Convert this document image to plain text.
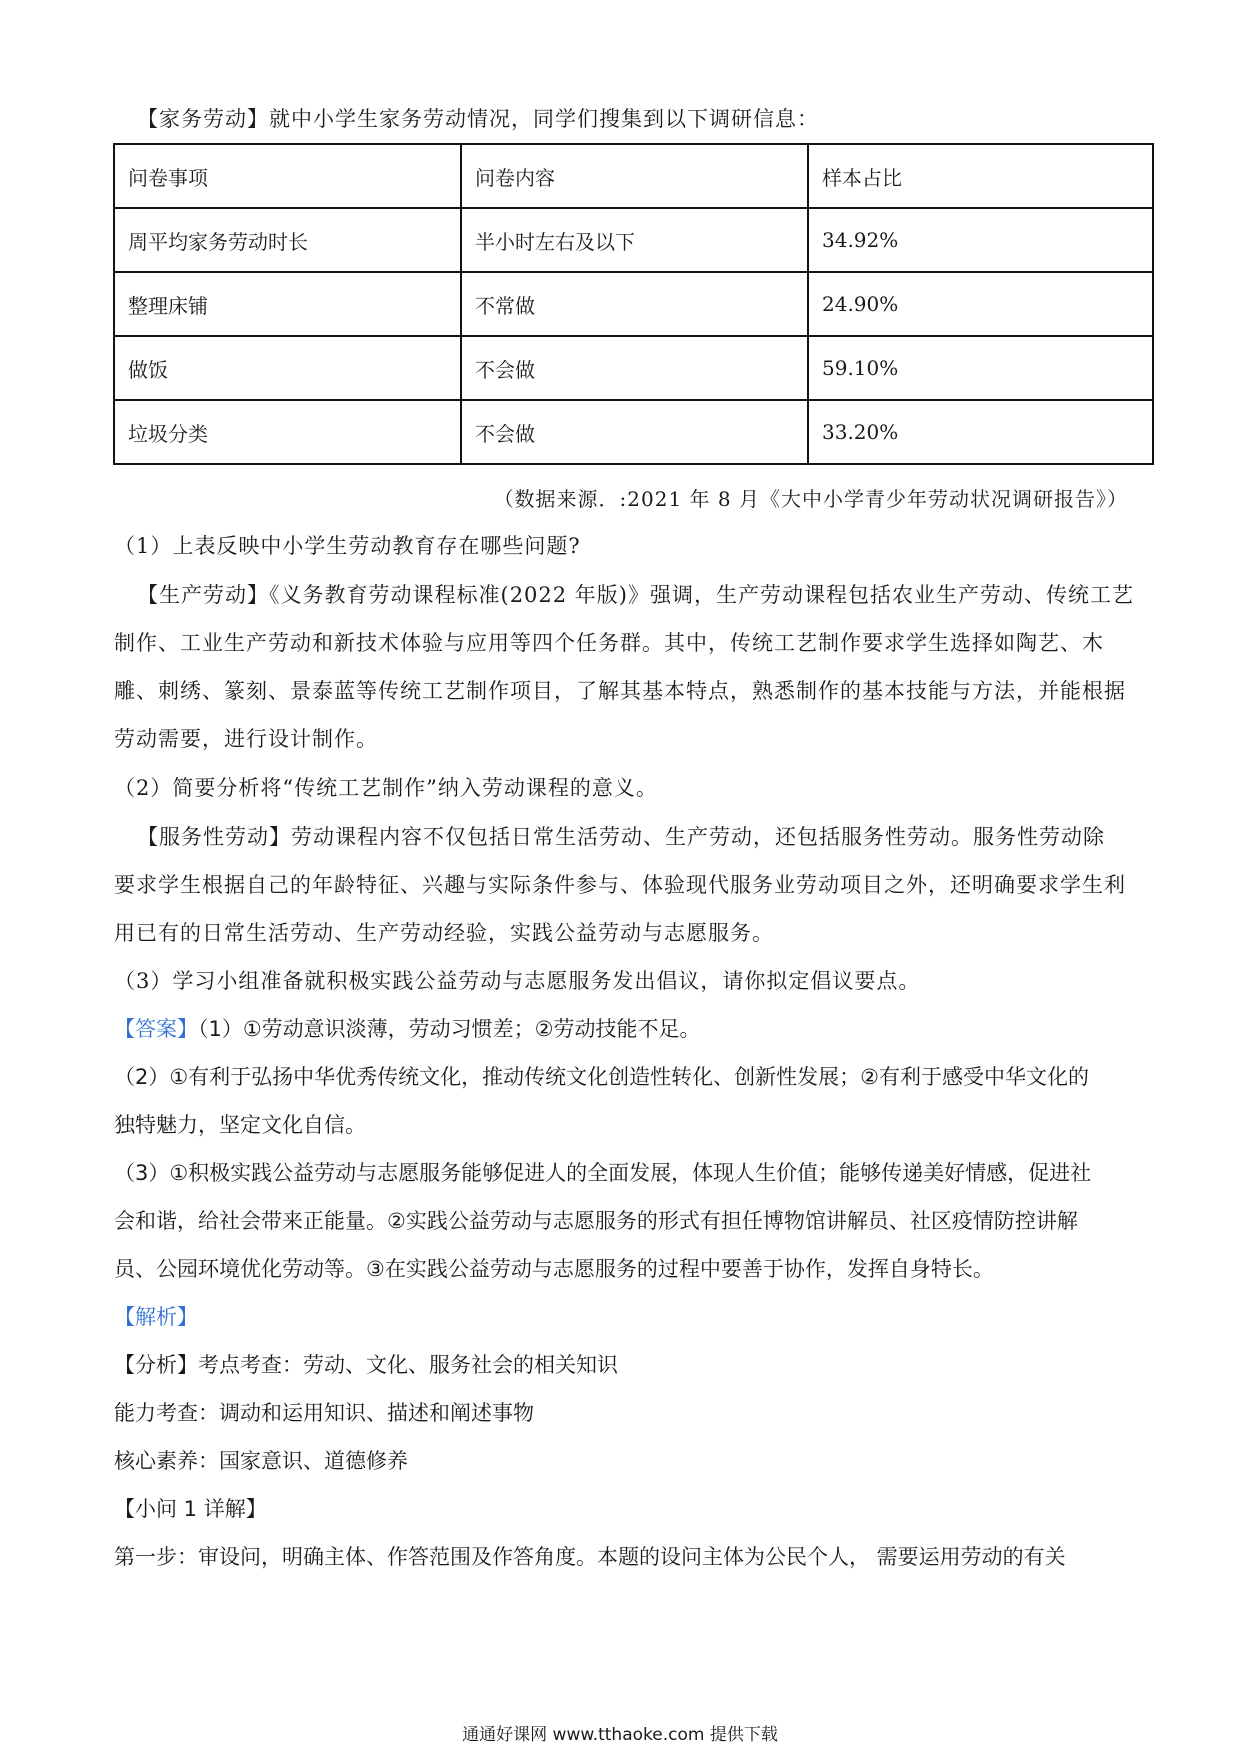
【家务劳动】就中小学生家务劳动情况，同学们搜集到以下调研信息：
问卷事项	问卷内容	样本占比
周平均家务劳动时长	半小时左右及以下	34.92%
整理床铺	不常做	24.90%
做饭	不会做	59.10%
垃圾分类	不会做	33.20%
（数据来源．:2021 年 8 月《大中小学青少年劳动状况调研报告》）
（1）上表反映中小学生劳动教育存在哪些问题?
【生产劳动】《义务教育劳动课程标准(2022 年版)》强调，生产劳动课程包括农业生产劳动、传统工艺
制作、工业生产劳动和新技术体验与应用等四个任务群。其中，传统工艺制作要求学生选择如陶艺、木
雕、刺绣、篆刻、景泰蓝等传统工艺制作项目，了解其基本特点，熟悉制作的基本技能与方法，并能根据
劳动需要，进行设计制作。
（2）简要分析将“传统工艺制作”纳入劳动课程的意义。
【服务性劳动】劳动课程内容不仅包括日常生活劳动、生产劳动，还包括服务性劳动。服务性劳动除
要求学生根据自己的年龄特征、兴趣与实际条件参与、体验现代服务业劳动项目之外，还明确要求学生利
用已有的日常生活劳动、生产劳动经验，实践公益劳动与志愿服务。
（3）学习小组准备就积极实践公益劳动与志愿服务发出倡议，请你拟定倡议要点。
【答案】（1）①劳动意识淡薄，劳动习惯差；②劳动技能不足。
（2）①有利于弘扬中华优秀传统文化，推动传统文化创造性转化、创新性发展；②有利于感受中华文化的
独特魅力，坚定文化自信。
（3）①积极实践公益劳动与志愿服务能够促进人的全面发展，体现人生价值；能够传递美好情感，促进社
会和谐，给社会带来正能量。②实践公益劳动与志愿服务的形式有担任博物馆讲解员、社区疫情防控讲解
员、公园环境优化劳动等。③在实践公益劳动与志愿服务的过程中要善于协作，发挥自身特长。
【解析】
【分析】考点考查：劳动、文化、服务社会的相关知识
能力考查：调动和运用知识、描述和阐述事物
核心素养：国家意识、道德修养
【小问 1 详解】
第一步：审设问，明确主体、作答范围及作答角度。本题的设问主体为公民个人， 需要运用劳动的有关
通通好课网 www.tthaoke.com 提供下载
